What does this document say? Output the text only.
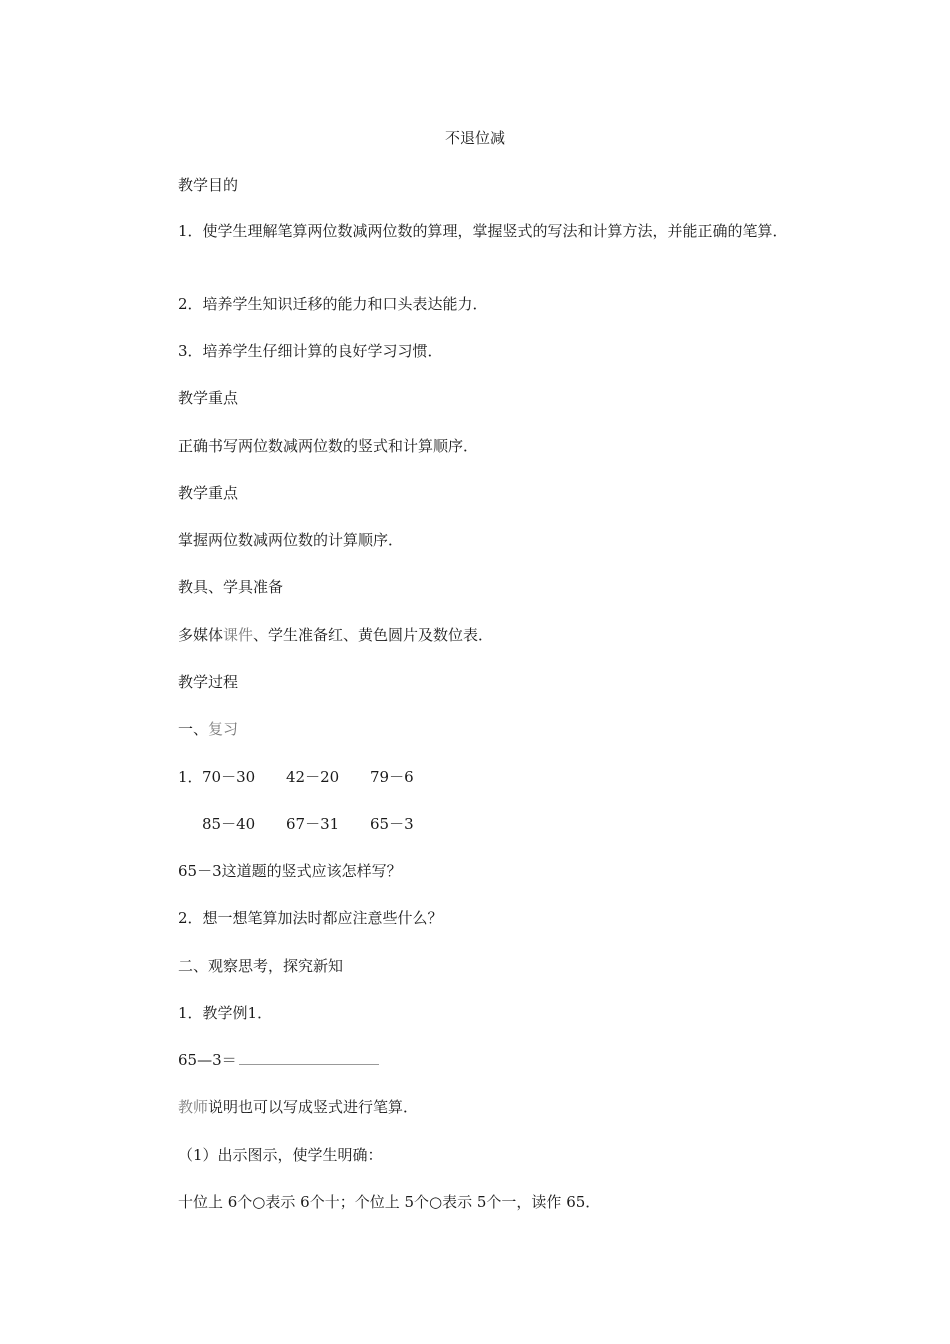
不退位减
教学目的
1．使学生理解笔算两位数减两位数的算理，掌握竖式的写法和计算方法，并能正确的笔算．
2．培养学生知识迁移的能力和口头表达能力．
3．培养学生仔细计算的良好学习习惯．
教学重点
正确书写两位数减两位数的竖式和计算顺序．
教学重点
掌握两位数减两位数的计算顺序．
教具、学具准备
多媒体课件、学生准备红、黄色圆片及数位表．
教学过程
一、复习
1．70－30 42－20 79－6
85－40 67－31 65－3
65－3这道题的竖式应该怎样写？
2．想一想笔算加法时都应注意些什么？
二、观察思考，探究新知
1．教学例1．
65—3＝
教师说明也可以写成竖式进行笔算．
（1）出示图示，使学生明确：
十位上 6个○表示 6个十；个位上 5个○表示 5个一，读作 65．
